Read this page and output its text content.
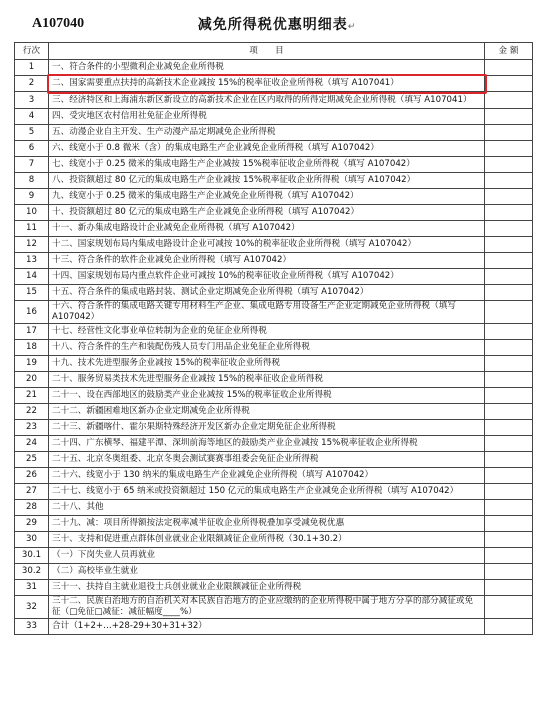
A107040	减免所得税优惠明细表↵
行次	项　　目	金 额
1	一、符合条件的小型微利企业减免企业所得税	
2	二、国家需要重点扶持的高新技术企业减按 15%的税率征收企业所得税（填写 A107041）	
3	三、经济特区和上海浦东新区新设立的高新技术企业在区内取得的所得定期减免企业所得税（填写 A107041）	
4	四、受灾地区农村信用社免征企业所得税	
5	五、动漫企业自主开发、生产动漫产品定期减免企业所得税	
6	六、线宽小于 0.8 微米（含）的集成电路生产企业减免企业所得税（填写 A107042）	
7	七、线宽小于 0.25 微米的集成电路生产企业减按 15%税率征收企业所得税（填写 A107042）	
8	八、投资额超过 80 亿元的集成电路生产企业减按 15%税率征收企业所得税（填写 A107042）	
9	九、线宽小于 0.25 微米的集成电路生产企业减免企业所得税（填写 A107042）	
10	十、投资额超过 80 亿元的集成电路生产企业减免企业所得税（填写 A107042）	
11	十一、新办集成电路设计企业减免企业所得税（填写 A107042）	
12	十二、国家规划布局内集成电路设计企业可减按 10%的税率征收企业所得税（填写 A107042）	
13	十三、符合条件的软件企业减免企业所得税（填写 A107042）	
14	十四、国家规划布局内重点软件企业可减按 10%的税率征收企业所得税（填写 A107042）	
15	十五、符合条件的集成电路封装、测试企业定期减免企业所得税（填写 A107042）	
16	十六、符合条件的集成电路关键专用材料生产企业、集成电路专用设备生产企业定期减免企业所得税（填写 A107042）	
17	十七、经营性文化事业单位转制为企业的免征企业所得税	
18	十八、符合条件的生产和装配伤残人员专门用品企业免征企业所得税	
19	十九、技术先进型服务企业减按 15%的税率征收企业所得税	
20	二十、服务贸易类技术先进型服务企业减按 15%的税率征收企业所得税	
21	二十一、设在西部地区的鼓励类产业企业减按 15%的税率征收企业所得税	
22	二十二、新疆困难地区新办企业定期减免企业所得税	
23	二十三、新疆喀什、霍尔果斯特殊经济开发区新办企业定期免征企业所得税	
24	二十四、广东横琴、福建平潭、深圳前海等地区的鼓励类产业企业减按 15%税率征收企业所得税	
25	二十五、北京冬奥组委、北京冬奥会测试赛赛事组委会免征企业所得税	
26	二十六、线宽小于 130 纳米的集成电路生产企业减免企业所得税（填写 A107042）	
27	二十七、线宽小于 65 纳米或投资额超过 150 亿元的集成电路生产企业减免企业所得税（填写 A107042）	
28	二十八、其他	
29	二十九、减：项目所得额按法定税率减半征收企业所得税叠加享受减免税优惠	
30	三十、支持和促进重点群体创业就业企业限额减征企业所得税（30.1+30.2）	
30.1	（一）下岗失业人员再就业	
30.2	（二）高校毕业生就业	
31	三十一、扶持自主就业退役士兵创业就业企业限额减征企业所得税	
32	三十二、民族自治地方的自治机关对本民族自治地方的企业应缴纳的企业所得税中属于地方分享的部分减征或免征（□免征□减征：减征幅度____%）	
33	合计（1+2+…+28-29+30+31+32）	
